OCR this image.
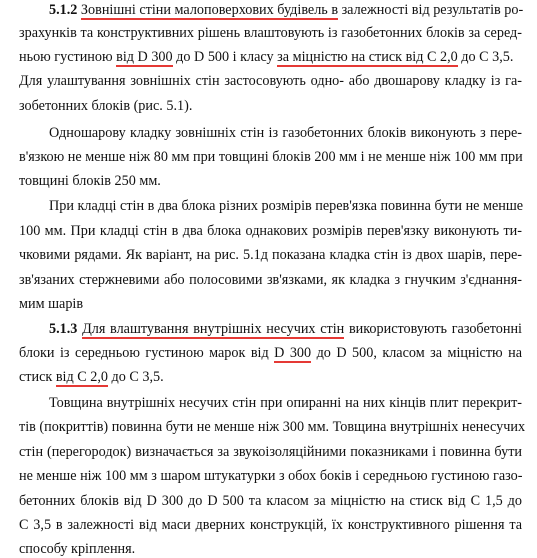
5.1.2 Зовнішні стіни малоповерхових будівель в залежності від результатів ро-
зрахунків та конструктивних рішень влаштовують із газобетонних блоків за серед-
ньою густиною від D 300 до D 500 і класу за міцністю на стиск від С 2,0 до С 3,5.
Для улаштування зовнішніх стін застосовують одно- або двошарову кладку із га-
зобетонних блоків (рис. 5.1).
Одношарову кладку зовнішніх стін із газобетонних блоків виконують з пере-
в'язкою не менше ніж 80 мм при товщині блоків 200 мм і не менше ніж 100 мм при
товщині блоків 250 мм.
При кладці стін в два блока різних розмірів перев'язка повинна бути не менше
100 мм. При кладці стін в два блока однакових розмірів перев'язку виконують ти-
чковими рядами. Як варіант, на рис. 5.1д показана кладка стін із двох шарів, пере-
зв'язаних стержневими або полосовими зв'язками, як кладка з гнучким з'єднання-
мим шарів
5.1.3 Для влаштування внутрішніх несучих стін використовують газобетонні
блоки із середньою густиною марок від D 300 до D 500, класом за міцністю на
стиск від С 2,0 до С 3,5.
Товщина внутрішніх несучих стін при опиранні на них кінців плит перекрит-
тів (покриттів) повинна бути не менше ніж 300 мм. Товщина внутрішніх ненесучих
стін (перегородок) визначається за звукоізоляційними показниками і повинна бути
не менше ніж 100 мм з шаром штукатурки з обох боків і середньою густиною газо-
бетонних блоків від D 300 до D 500 та класом за міцністю на стиск від С 1,5 до
С 3,5 в залежності від маси дверних конструкцій, їх конструктивного рішення та
способу кріплення.
